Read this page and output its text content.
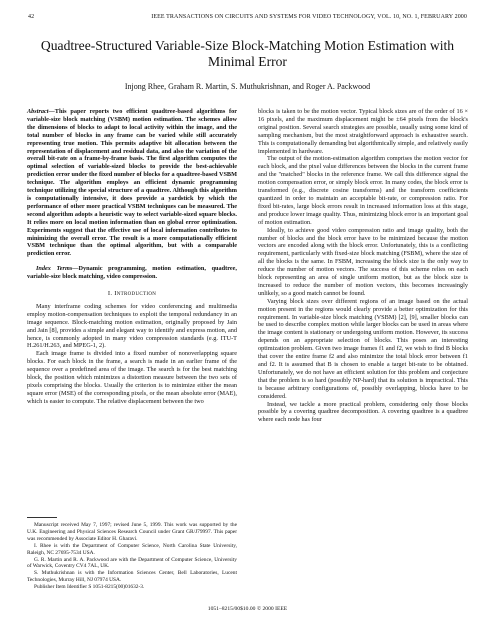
42	IEEE TRANSACTIONS ON CIRCUITS AND SYSTEMS FOR VIDEO TECHNOLOGY, VOL. 10, NO. 1, FEBRUARY 2000
Quadtree-Structured Variable-Size Block-Matching Motion Estimation with Minimal Error
Injong Rhee, Graham R. Martin, S. Muthukrishnan, and Roger A. Packwood

Abstract—This paper reports two efficient quadtree-based algorithms for variable-size block matching (VSBM) motion estimation. The schemes allow the dimensions of blocks to adapt to local activity within the image, and the total number of blocks in any frame can be varied while still accurately representing true motion. This permits adaptive bit allocation between the representation of displacement and residual data, and also the variation of the overall bit-rate on a frame-by-frame basis. The first algorithm computes the optimal selection of variable-sized blocks to provide the best-achievable prediction error under the fixed number of blocks for a quadtree-based VSBM technique. The algorithm employs an efficient dynamic programming technique utilizing the special structure of a quadtree. Although this algorithm is computationally intensive, it does provide a yardstick by which the performance of other more practical VSBM techniques can be measured. The second algorithm adopts a heuristic way to select variable-sized square blocks. It relies more on local motion information than on global error optimization. Experiments suggest that the effective use of local information contributes to minimizing the overall error. The result is a more computationally efficient VSBM technique than the optimal algorithm, but with a comparable prediction error.

Index Terms—Dynamic programming, motion estimation, quadtree, variable-size block matching, video compression.

I. Introduction

Many interframe coding schemes for video conferencing and multimedia employ motion-compensation techniques to exploit the temporal redundancy in an image sequence. Block-matching motion estimation, originally proposed by Jain and Jain [8], provides a simple and elegant way to identify and express motion, and hence, is commonly adopted in many video compression standards (e.g. ITU-T H.261/H.263, and MPEG-1, 2).

Each image frame is divided into a fixed number of nonoverlapping square blocks. For each block in the frame, a search is made in an earlier frame of the sequence over a predefined area of the image. The search is for the best matching block, the position which minimizes a distortion measure between the two sets of pixels comprising the blocks. Usually the criterion is to minimize either the mean square error (MSE) of the corresponding pixels, or the mean absolute error (MAE), which is easier to compute. The relative displacement between the two

Manuscript received May 7, 1997; revised June 5, 1999. This work was supported by the U.K. Engineering and Physical Sciences Research Council under Grant GR/J79997. This paper was recommended by Associate Editor H. Gharavi.

I. Rhee is with the Department of Computer Science, North Carolina State University, Raleigh, NC 27695-7534 USA.

G. R. Martin and R. A. Packwood are with the Department of Computer Science, University of Warwick, Coventry CV4 7AL, UK.

S. Muthukrishnan is with the Information Sciences Center, Bell Laboratories, Lucent Technologies, Murray Hill, NJ 07974 USA.

Publisher Item Identifier S 1051-8215(00)01632-3.

blocks is taken to be the motion vector. Typical block sizes are of the order of 16 × 16 pixels, and the maximum displacement might be ±64 pixels from the block's original position. Several search strategies are possible, usually using some kind of sampling mechanism, but the most straightforward approach is exhaustive search. This is computationally demanding but algorithmically simple, and relatively easily implemented in hardware.

The output of the motion-estimation algorithm comprises the motion vector for each block, and the pixel value differences between the blocks in the current frame and the "matched" blocks in the reference frame. We call this difference signal the motion compensation error, or simply block error. In many codes, the block error is transformed (e.g., discrete cosine transforms) and the transform coefficients quantized in order to maintain an acceptable bit-rate, or compression ratio. For fixed bit-rates, large block errors result in increased information loss at this stage, and produce lower image quality. Thus, minimizing block error is an important goal of motion estimation.

Ideally, to achieve good video compression ratio and image quality, both the number of blocks and the block error have to be minimized because the motion vectors are encoded along with the block error. Unfortunately, this is a conflicting requirement, particularly with fixed-size block matching (FSBM), where the size of all the blocks is the same. In FSBM, increasing the block size is the only way to reduce the number of motion vectors. The success of this scheme relies on each block representing an area of single uniform motion, but as the block size is increased to reduce the number of motion vectors, this becomes increasingly unlikely, so a good match cannot be found.

Varying block sizes over different regions of an image based on the actual motion present in the regions would clearly provide a better optimization for this requirement. In variable-size block matching (VSBM) [2], [9], smaller blocks can be used to describe complex motion while larger blocks can be used in areas where the image content is stationary or undergoing uniform motion. However, its success depends on an appropriate selection of blocks. This poses an interesting optimization problem. Given two image frames f1 and f2, we wish to find B blocks that cover the entire frame f2 and also minimize the total block error between f1 and f2. It is assumed that B is chosen to enable a target bit-rate to be obtained. Unfortunately, we do not have an efficient solution for this problem and conjecture that the problem is so hard (possibly NP-hard) that its solution is impractical. This is because arbitrary configurations of, possibly overlapping, blocks have to be considered.

Instead, we tackle a more practical problem, considering only those blocks possible by a covering quadtree decomposition. A covering quadtree is a quadtree where each node has four

1051–8215/00$10.00 © 2000 IEEE
